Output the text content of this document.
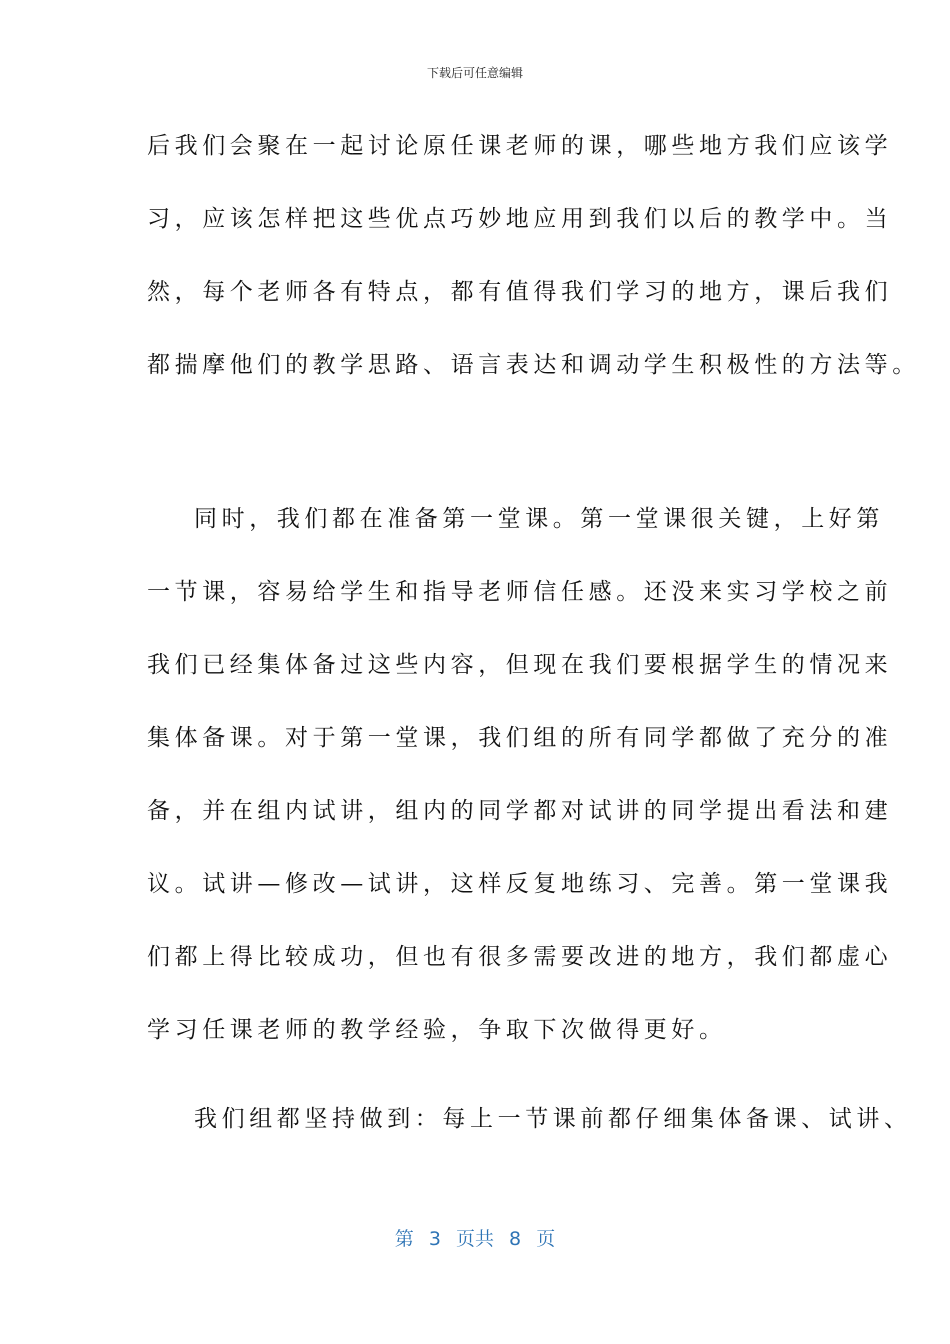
下载后可任意编辑
后我们会聚在一起讨论原任课老师的课，哪些地方我们应该学
习，应该怎样把这些优点巧妙地应用到我们以后的教学中。当
然，每个老师各有特点，都有值得我们学习的地方，课后我们
都揣摩他们的教学思路、语言表达和调动学生积极性的方法等。
同时，我们都在准备第一堂课。第一堂课很关键，上好第
一节课，容易给学生和指导老师信任感。还没来实习学校之前
我们已经集体备过这些内容，但现在我们要根据学生的情况来
集体备课。对于第一堂课，我们组的所有同学都做了充分的准
备，并在组内试讲，组内的同学都对试讲的同学提出看法和建
议。试讲—修改—试讲，这样反复地练习、完善。第一堂课我
们都上得比较成功，但也有很多需要改进的地方，我们都虚心
学习任课老师的教学经验，争取下次做得更好。
我们组都坚持做到：每上一节课前都仔细集体备课、试讲、
第 3 页共 8 页
